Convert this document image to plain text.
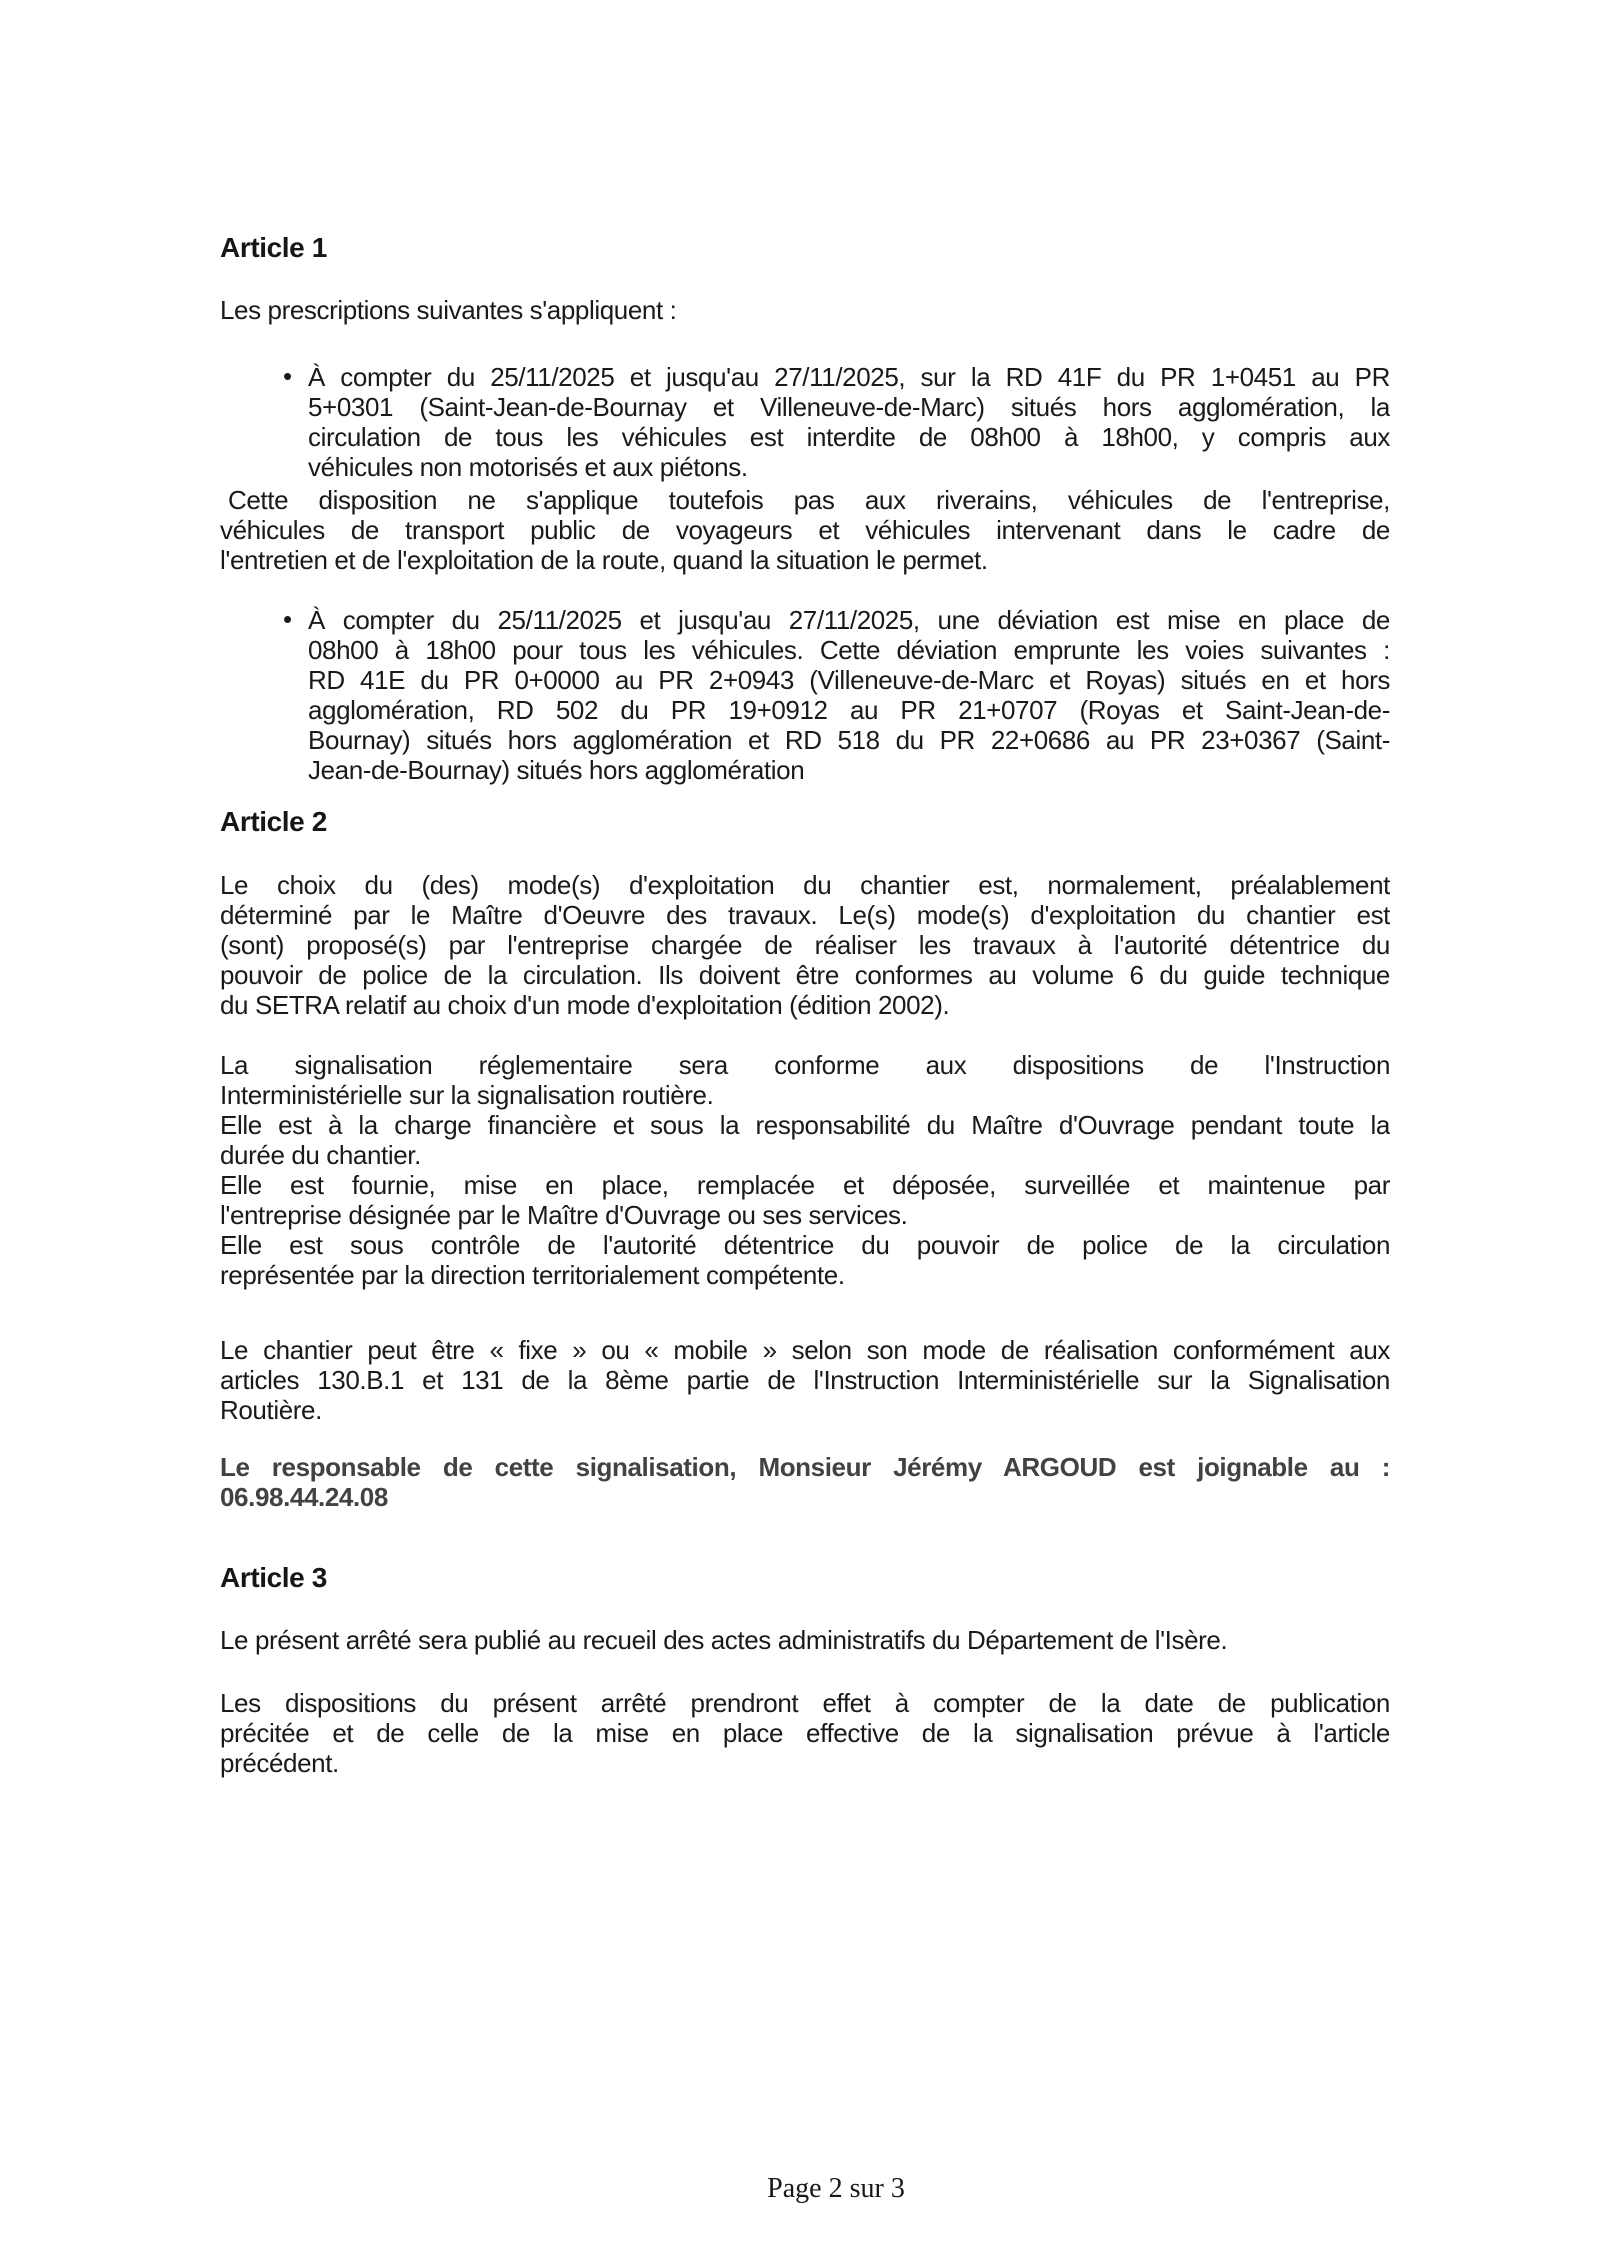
Article 1

Les prescriptions suivantes s'appliquent :

• À compter du 25/11/2025 et jusqu'au 27/11/2025, sur la RD 41F du PR 1+0451 au PR
5+0301 (Saint-Jean-de-Bournay et Villeneuve-de-Marc) situés hors agglomération, la
circulation de tous les véhicules est interdite de 08h00 à 18h00, y compris aux
véhicules non motorisés et aux piétons.

Cette disposition ne s'applique toutefois pas aux riverains, véhicules de l'entreprise,
véhicules de transport public de voyageurs et véhicules intervenant dans le cadre de
l'entretien et de l'exploitation de la route, quand la situation le permet.

• À compter du 25/11/2025 et jusqu'au 27/11/2025, une déviation est mise en place de
08h00 à 18h00 pour tous les véhicules. Cette déviation emprunte les voies suivantes :
RD 41E du PR 0+0000 au PR 2+0943 (Villeneuve-de-Marc et Royas) situés en et hors
agglomération, RD 502 du PR 19+0912 au PR 21+0707 (Royas et Saint-Jean-de-
Bournay) situés hors agglomération et RD 518 du PR 22+0686 au PR 23+0367 (Saint-
Jean-de-Bournay) situés hors agglomération
Article 2

Le choix du (des) mode(s) d'exploitation du chantier est, normalement, préalablement
déterminé par le Maître d'Oeuvre des travaux. Le(s) mode(s) d'exploitation du chantier est
(sont) proposé(s) par l'entreprise chargée de réaliser les travaux à l'autorité détentrice du
pouvoir de police de la circulation. Ils doivent être conformes au volume 6 du guide technique
du SETRA relatif au choix d'un mode d'exploitation (édition 2002).

La signalisation réglementaire sera conforme aux dispositions de l'Instruction
Interministérielle sur la signalisation routière.

Elle est à la charge financière et sous la responsabilité du Maître d'Ouvrage pendant toute la
durée du chantier.

Elle est fournie, mise en place, remplacée et déposée, surveillée et maintenue par
l'entreprise désignée par le Maître d'Ouvrage ou ses services.

Elle est sous contrôle de l'autorité détentrice du pouvoir de police de la circulation
représentée par la direction territorialement compétente.

Le chantier peut être « fixe » ou « mobile » selon son mode de réalisation conformément aux
articles 130.B.1 et 131 de la 8ème partie de l'Instruction Interministérielle sur la Signalisation
Routière.

Le responsable de cette signalisation, Monsieur Jérémy ARGOUD est joignable au :
06.98.44.24.08

Article 3

Le présent arrêté sera publié au recueil des actes administratifs du Département de l'Isère.

Les dispositions du présent arrêté prendront effet à compter de la date de publication
précitée et de celle de la mise en place effective de la signalisation prévue à l'article
précédent.

Page 2 sur 3
